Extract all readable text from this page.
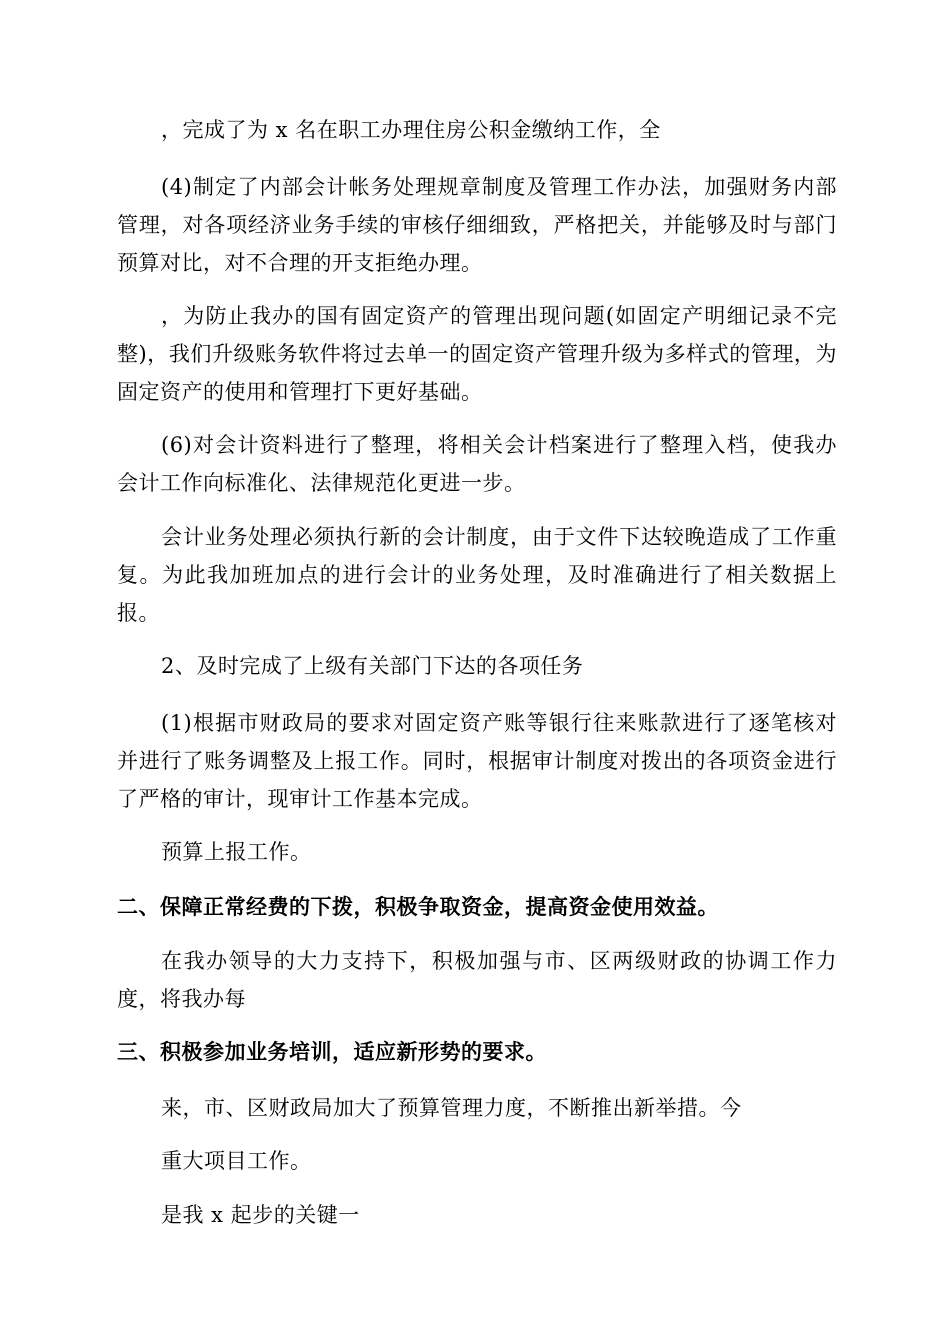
，完成了为 x 名在职工办理住房公积金缴纳工作，全

(4)制定了内部会计帐务处理规章制度及管理工作办法，加强财务内部管理，对各项经济业务手续的审核仔细细致，严格把关，并能够及时与部门预算对比，对不合理的开支拒绝办理。

，为防止我办的国有固定资产的管理出现问题(如固定产明细记录不完整)，我们升级账务软件将过去单一的固定资产管理升级为多样式的管理，为固定资产的使用和管理打下更好基础。

(6)对会计资料进行了整理，将相关会计档案进行了整理入档，使我办会计工作向标准化、法律规范化更进一步。

会计业务处理必须执行新的会计制度，由于文件下达较晚造成了工作重复。为此我加班加点的进行会计的业务处理，及时准确进行了相关数据上报。

2、及时完成了上级有关部门下达的各项任务

(1)根据市财政局的要求对固定资产账等银行往来账款进行了逐笔核对并进行了账务调整及上报工作。同时，根据审计制度对拨出的各项资金进行了严格的审计，现审计工作基本完成。

预算上报工作。

二、保障正常经费的下拨，积极争取资金，提高资金使用效益。

在我办领导的大力支持下，积极加强与市、区两级财政的协调工作力度，将我办每

三、积极参加业务培训，适应新形势的要求。

来，市、区财政局加大了预算管理力度，不断推出新举措。今

重大项目工作。

是我 x 起步的关键一
